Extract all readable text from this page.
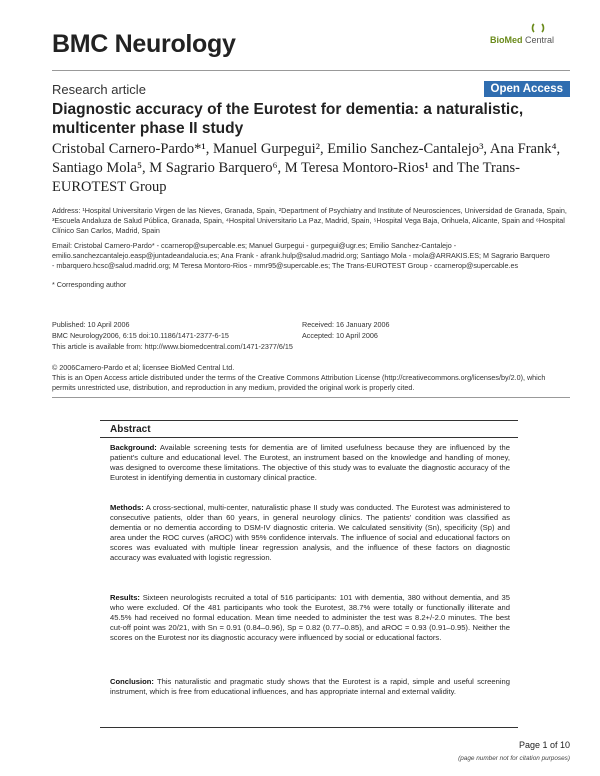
BMC Neurology	BioMed Central
Research article	Open Access
Diagnostic accuracy of the Eurotest for dementia: a naturalistic, multicenter phase II study
Cristobal Carnero-Pardo*¹, Manuel Gurpegui², Emilio Sanchez-Cantalejo³, Ana Frank⁴, Santiago Mola⁵, M Sagrario Barquero⁶, M Teresa Montoro-Rios¹ and The Trans-EUROTEST Group
Address: ¹Hospital Universitario Virgen de las Nieves, Granada, Spain, ²Department of Psychiatry and Institute of Neurosciences, Universidad de Granada, Spain, ³Escuela Andaluza de Salud Pública, Granada, Spain, ⁴Hospital Universitario La Paz, Madrid, Spain, ⁵Hospital Vega Baja, Orihuela, Alicante, Spain and ⁶Hospital Clínico San Carlos, Madrid, Spain
Email: Cristobal Carnero-Pardo* - ccarnerop@supercable.es; Manuel Gurpegui - gurpegui@ugr.es; Emilio Sanchez-Cantalejo - emilio.sanchezcantalejo.easp@juntadeandalucia.es; Ana Frank - afrank.hulp@salud.madrid.org; Santiago Mola - mola@ARRAKIS.ES; M Sagrario Barquero - mbarquero.hcsc@salud.madrid.org; M Teresa Montoro-Rios - mmr95@supercable.es; The Trans-EUROTEST Group - ccarnerop@supercable.es
* Corresponding author
Published: 10 April 2006
BMC Neurology2006, 6:15 doi:10.1186/1471-2377-6-15
This article is available from: http://www.biomedcentral.com/1471-2377/6/15
Received: 16 January 2006
Accepted: 10 April 2006
© 2006Carnero-Pardo et al; licensee BioMed Central Ltd.
This is an Open Access article distributed under the terms of the Creative Commons Attribution License (http://creativecommons.org/licenses/by/2.0), which permits unrestricted use, distribution, and reproduction in any medium, provided the original work is properly cited.
Abstract
Background: Available screening tests for dementia are of limited usefulness because they are influenced by the patient's culture and educational level. The Eurotest, an instrument based on the knowledge and handling of money, was designed to overcome these limitations. The objective of this study was to evaluate the diagnostic accuracy of the Eurotest in identifying dementia in customary clinical practice.
Methods: A cross-sectional, multi-center, naturalistic phase II study was conducted. The Eurotest was administered to consecutive patients, older than 60 years, in general neurology clinics. The patients' condition was classified as dementia or no dementia according to DSM-IV diagnostic criteria. We calculated sensitivity (Sn), specificity (Sp) and area under the ROC curves (aROC) with 95% confidence intervals. The influence of social and educational factors on scores was evaluated with multiple linear regression analysis, and the influence of these factors on diagnostic accuracy was evaluated with logistic regression.
Results: Sixteen neurologists recruited a total of 516 participants: 101 with dementia, 380 without dementia, and 35 who were excluded. Of the 481 participants who took the Eurotest, 38.7% were totally or functionally illiterate and 45.5% had received no formal education. Mean time needed to administer the test was 8.2+/-2.0 minutes. The best cut-off point was 20/21, with Sn = 0.91 (0.84–0.96), Sp = 0.82 (0.77–0.85), and aROC = 0.93 (0.91–0.95). Neither the scores on the Eurotest nor its diagnostic accuracy were influenced by social or educational factors.
Conclusion: This naturalistic and pragmatic study shows that the Eurotest is a rapid, simple and useful screening instrument, which is free from educational influences, and has appropriate internal and external validity.
Page 1 of 10
(page number not for citation purposes)
